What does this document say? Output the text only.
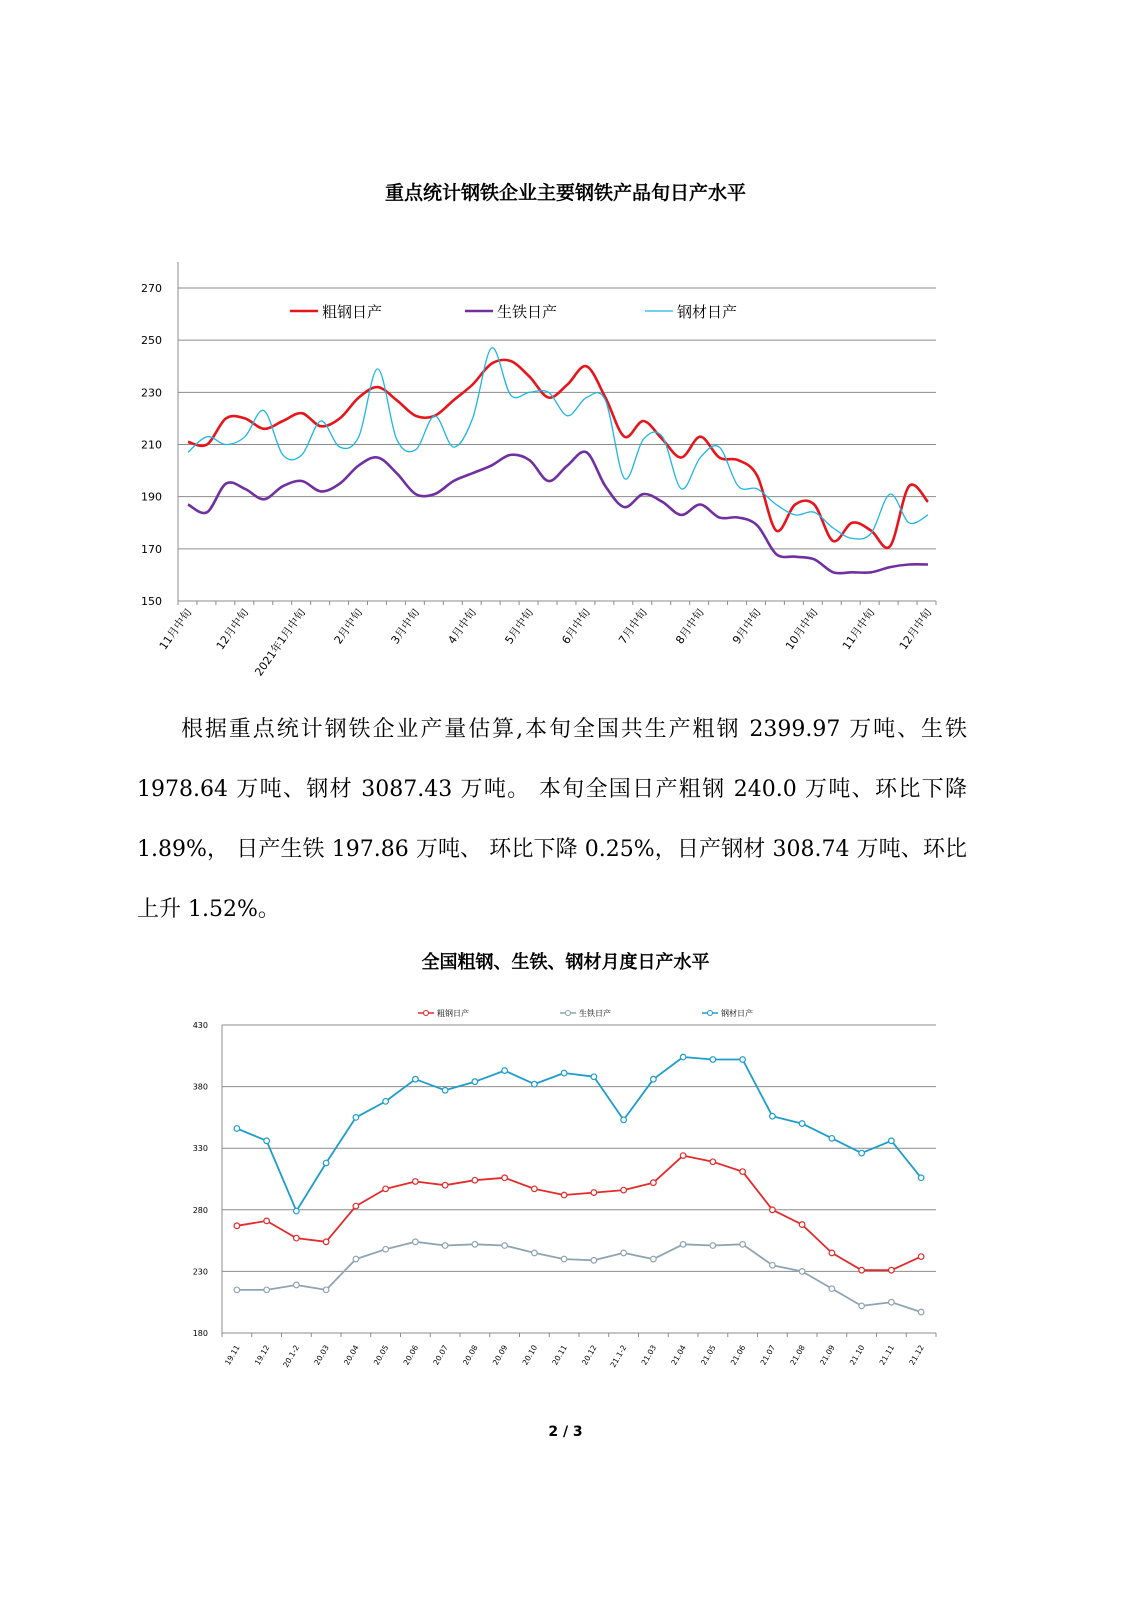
重点统计钢铁企业主要钢铁产品旬日产水平
150
170
190
210
230
250
270
11月中旬 12月中旬 2021年1月中旬 2月中旬 3月中旬 4月中旬 5月中旬 6月中旬 7月中旬 8月中旬 9月中旬 10月中旬 11月中旬 12月中旬
粗钢日产	生铁日产	钢材日产

根据重点统计钢铁企业产量估算,本旬全国共生产粗钢 2399.97 万吨、生铁 1978.64 万吨、钢材 3087.43 万吨。 本旬全国日产粗钢 240.0 万吨、环比下降 1.89%， 日产生铁 197.86 万吨、 环比下降 0.25%，日产钢材 308.74 万吨、环比上升 1.52%。

全国粗钢、生铁、钢材月度日产水平
180
230
280
330
380
430
19.11 19.12 20.1-2 20.03 20.04 20.05 20.06 20.07 20.08 20.09 20.10 20.11 20.12 21.1-2 21.03 21.04 21.05 21.06 21.07 21.08 21.09 21.10 21.11 21.12
粗钢日产	生铁日产	钢材日产
2 / 3
